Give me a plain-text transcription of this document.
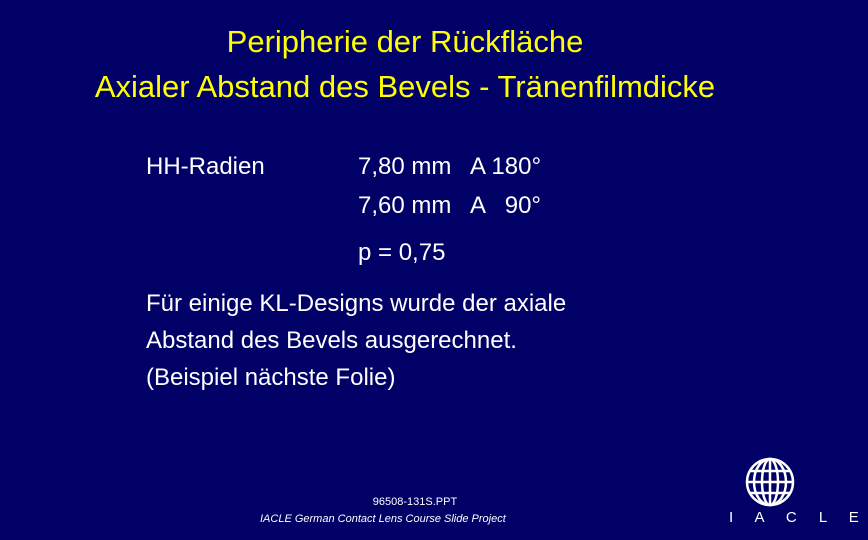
Peripherie der Rückfläche
Axialer Abstand des Bevels - Tränenfilmdicke
HH-Radien	7,80 mm   A 180°
7,60 mm   A   90°
p = 0,75
Für einige KL-Designs wurde der axiale
Abstand des Bevels ausgerechnet.
(Beispiel nächste Folie)
96508-131S.PPT
IACLE German Contact Lens Course Slide Project	I A C L E
